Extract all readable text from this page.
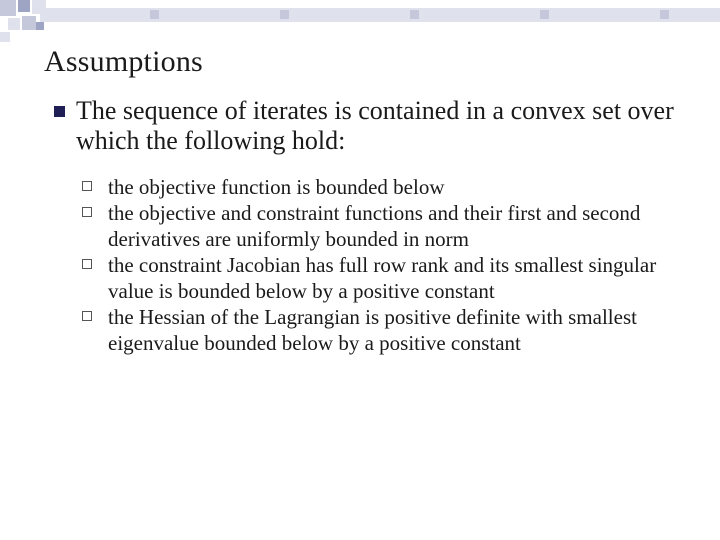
Assumptions
The sequence of iterates is contained in a convex set over which the following hold:
the objective function is bounded below
the objective and constraint functions and their first and second derivatives are uniformly bounded in norm
the constraint Jacobian has full row rank and its smallest singular value is bounded below by a positive constant
the Hessian of the Lagrangian is positive definite with smallest eigenvalue bounded below by a positive constant
